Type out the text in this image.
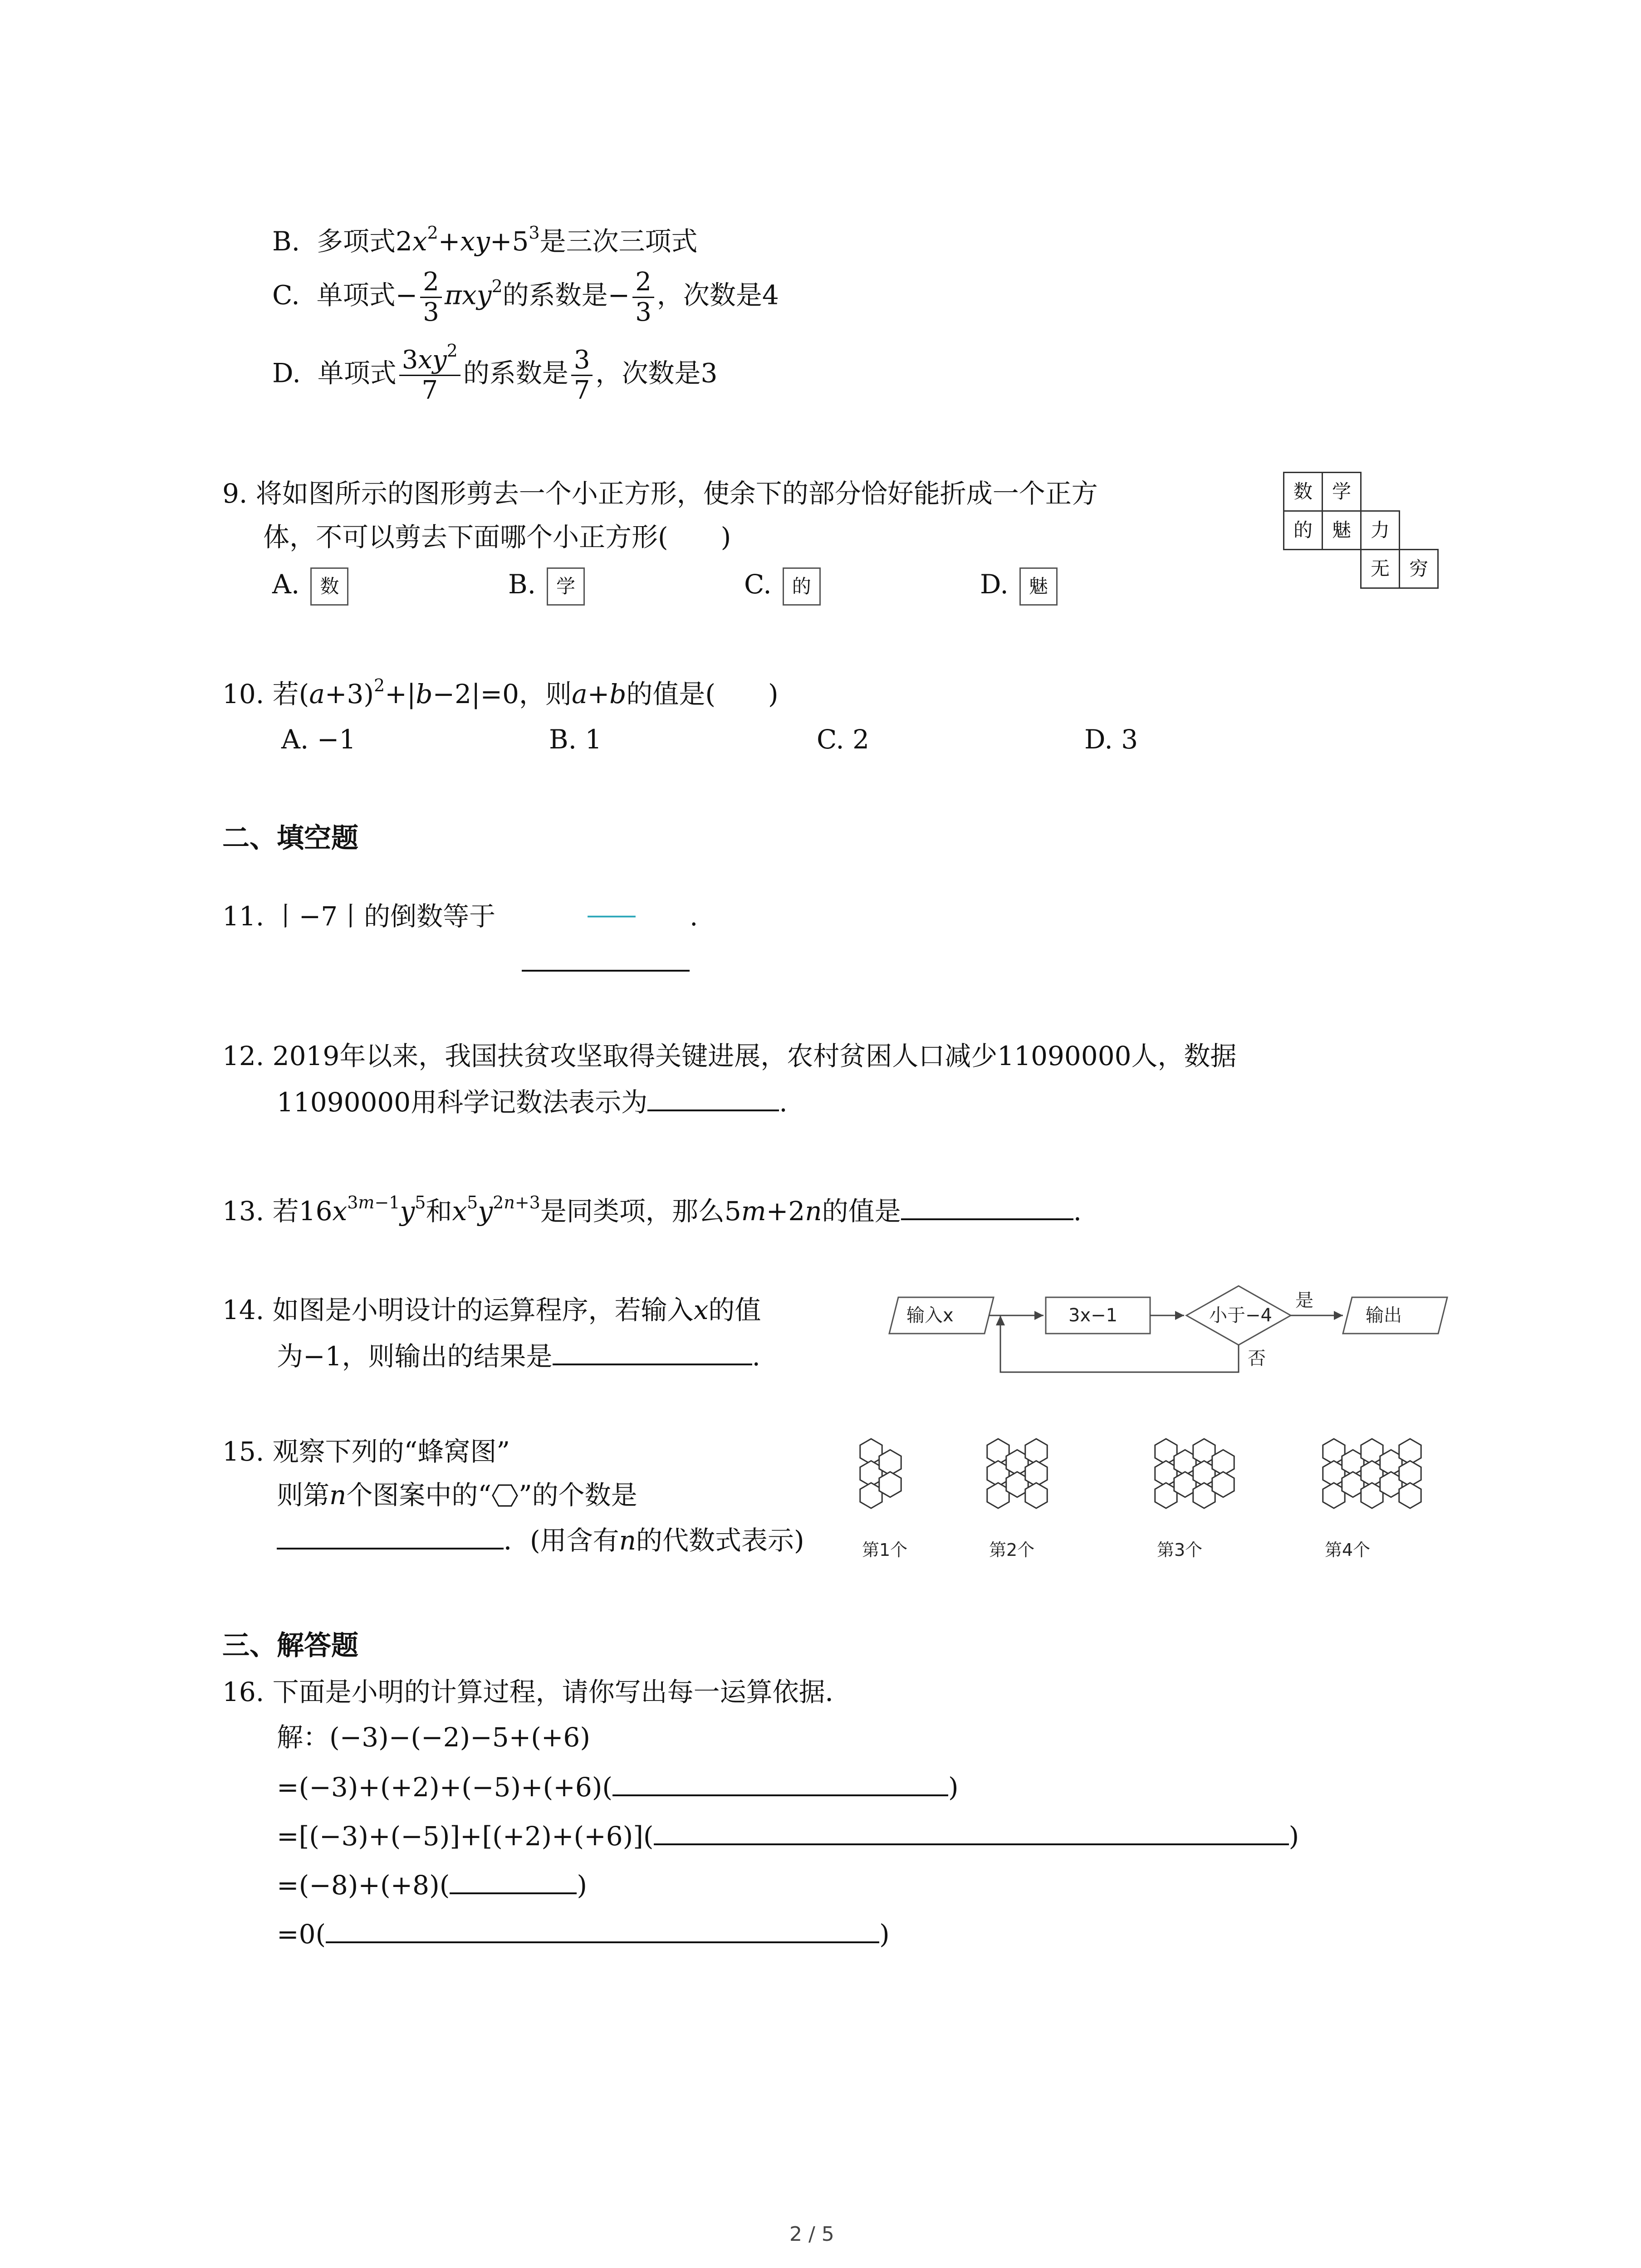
B. 多项式$2x^2+xy+5^3$是三次三项式
C. 单项式− $\frac{2}{3} \pi xy^2$的系数是− $\frac{2}{3}$ ，次数是4
D. 单项式 $\frac{3xy^2}{7}$ 的系数是 $\frac{3}{7}$ ，次数是3
9. 将如图所示的图形剪去一个小正方形，使余下的部分恰好能折成一个正方
体，不可以剪去下面哪个小正方形(　　)
A. 数	B. 学	C. 的	D. 魅
数	学
的	魅	力
无	穷
10. 若$(a+3)^2+|b-2|=0$，则a+b的值是(　　)
A. −1	B. 1	C. 2	D. 3
二、填空题
11. 丨−7丨的倒数等于	— .
12. 2019年以来，我国扶贫攻坚取得关键进展，农村贫困人口减少11090000人，数据
11090000用科学记数法表示为	.
13. 若$16x^{3m-1}y^5$和$x^5y^{2n+3}$是同类项，那么5m+2n的值是	.
14. 如图是小明设计的运算程序，若输入x的值
为−1，则输出的结果是	.
输入x	3x−1	小于−4
是
输出
否
15. 观察下列的“蜂窝图”
则第n个图案中的“ ”的个数是
．(用含有n的代数式表示)	第1个	第2个	第3个	第4个
三、解答题
16. 下面是小明的计算过程，请你写出每一运算依据．
解：(−3)−(−2)−5+(+6)
=(−3)+(+2)+(−5)+(+6)(	)
=[(−3)+(−5)]+[(+2)+(+6)](	)
=(−8)+(+8)(	)
=0(	)
2 / 5
